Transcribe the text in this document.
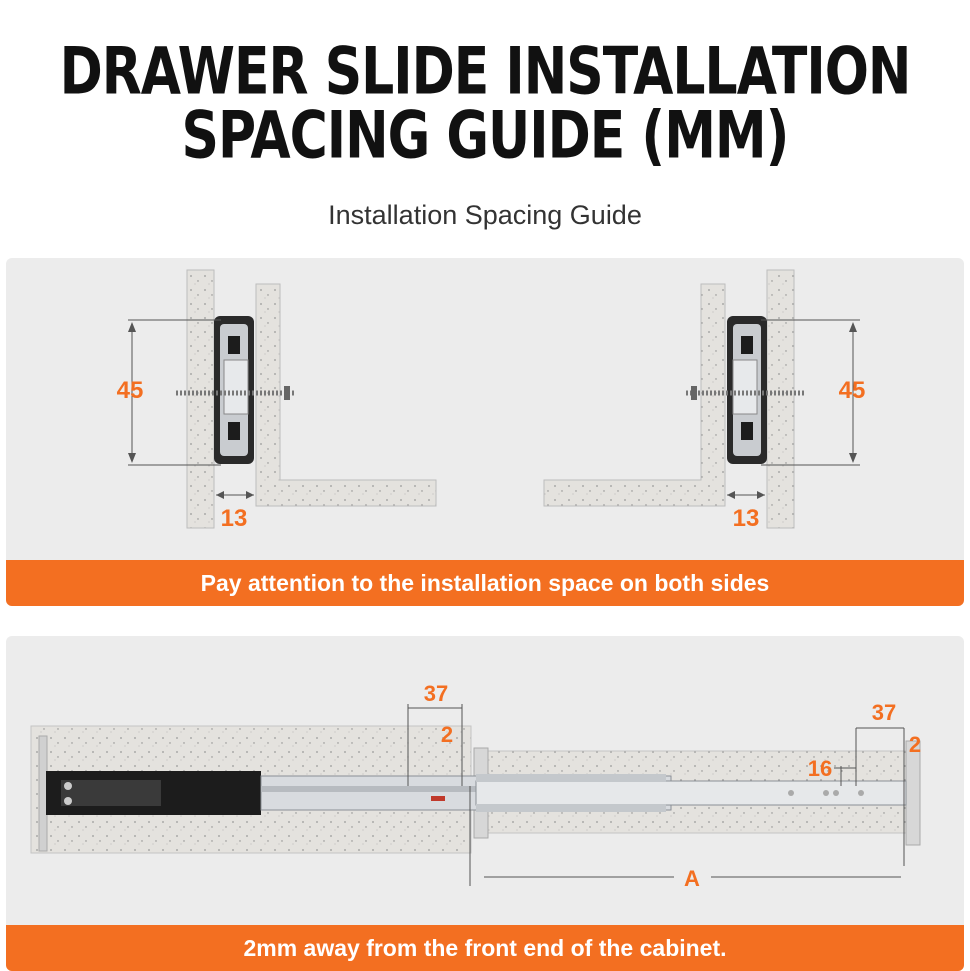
DRAWER SLIDE INSTALLATION
SPACING GUIDE (MM)
Installation Spacing Guide
45
13
45
13
Pay attention to the installation space on both sides
37
2
37
2
16
A
2mm away from the front end of the cabinet.
